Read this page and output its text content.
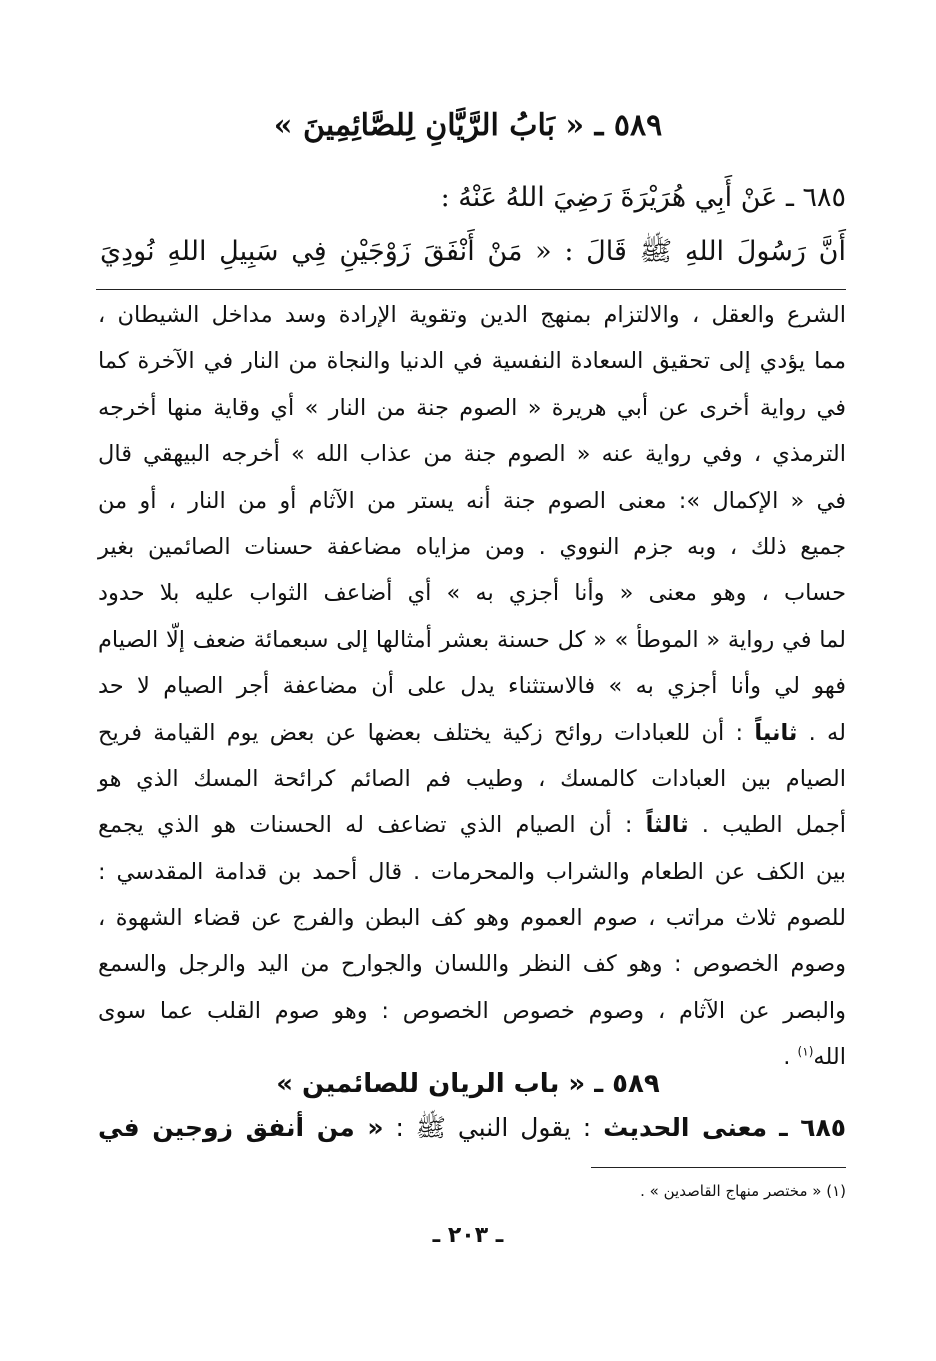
٥٨٩ ـ « بَابُ الرَّيَّانِ لِلصَّائِمِينَ »
٦٨٥ ـ عَنْ أَبِي هُرَيْرَةَ رَضِيَ اللهُ عَنْهُ :
أَنَّ رَسُولَ اللهِ ﷺ قَالَ : « مَنْ أَنْفَقَ زَوْجَيْنِ فِي سَبِيلِ اللهِ نُودِيَ
الشرع والعقل ، والالتزام بمنهج الدين وتقوية الإرادة وسد مداخل الشيطان ،
مما يؤدي إلى تحقيق السعادة النفسية في الدنيا والنجاة من النار في الآخرة كما
في رواية أخرى عن أبي هريرة « الصوم جنة من النار » أي وقاية منها أخرجه
الترمذي ، وفي رواية عنه « الصوم جنة من عذاب الله » أخرجه البيهقي قال
في « الإكمال »: معنى الصوم جنة أنه يستر من الآثام أو من النار ، أو من
جميع ذلك ، وبه جزم النووي . ومن مزاياه مضاعفة حسنات الصائمين بغير
حساب ، وهو معنى « وأنا أجزي به » أي أضاعف الثواب عليه بلا حدود
لما في رواية « الموطأ » « كل حسنة بعشر أمثالها إلى سبعمائة ضعف إلّا الصيام
فهو لي وأنا أجزي به » فالاستثناء يدل على أن مضاعفة أجر الصيام لا حد
له . ثانياً : أن للعبادات روائح زكية يختلف بعضها عن بعض يوم القيامة فريح
الصيام بين العبادات كالمسك ، وطيب فم الصائم كرائحة المسك الذي هو
أجمل الطيب . ثالثاً : أن الصيام الذي تضاعف له الحسنات هو الذي يجمع
بين الكف عن الطعام والشراب والمحرمات . قال أحمد بن قدامة المقدسي :
للصوم ثلاث مراتب ، صوم العموم وهو كف البطن والفرج عن قضاء الشهوة ،
وصوم الخصوص : وهو كف النظر واللسان والجوارح من اليد والرجل والسمع
والبصر عن الآثام ، وصوم خصوص الخصوص : وهو صوم القلب عما سوى
الله$^{(١)}$ .
٥٨٩ ـ « باب الريان للصائمين »
٦٨٥ ـ معنى الحديث : يقول النبي ﷺ : « من أنفق زوجين في
(١) « مختصر منهاج القاصدين » .
ـ ٢٠٣ ـ
